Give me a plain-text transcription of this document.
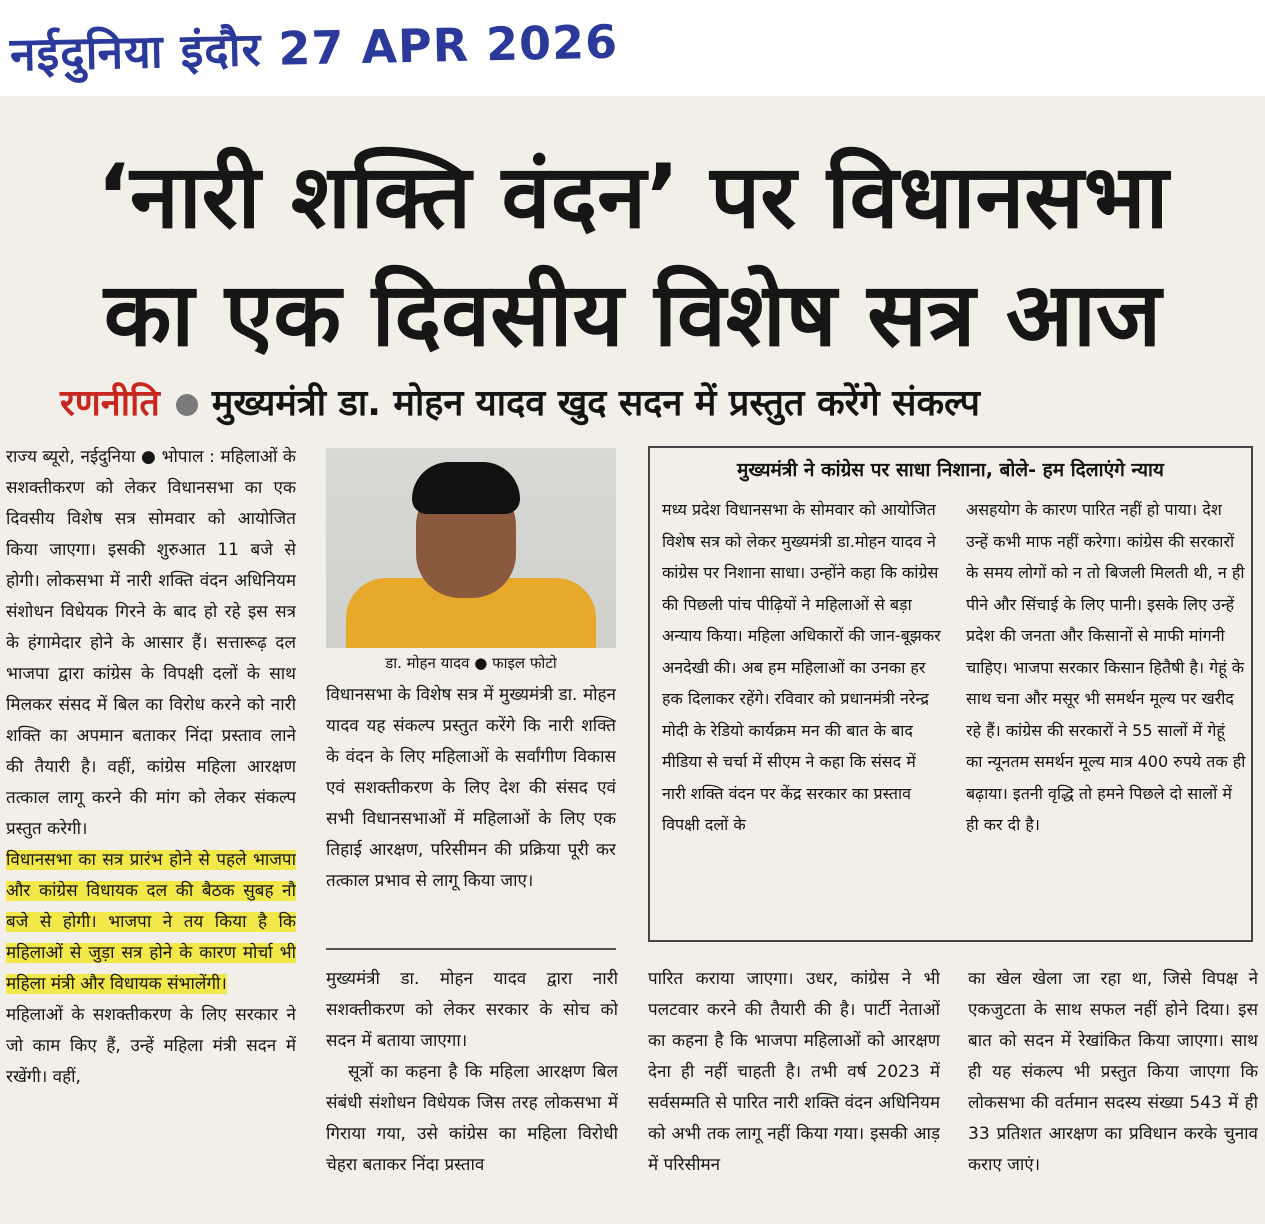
नईदुनिया इंदौर 27 APR 2026
‘नारी शक्ति वंदन’ पर विधानसभा
का एक दिवसीय विशेष सत्र आज
रणनीति मुख्यमंत्री डा. मोहन यादव खुद सदन में प्रस्तुत करेंगे संकल्प

राज्य ब्यूरो, नईदुनिया ● भोपाल : महिलाओं के सशक्तीकरण को लेकर विधानसभा का एक दिवसीय विशेष सत्र सोमवार को आयोजित किया जाएगा। इसकी शुरुआत 11 बजे से होगी। लोकसभा में नारी शक्ति वंदन अधिनियम संशोधन विधेयक गिरने के बाद हो रहे इस सत्र के हंगामेदार होने के आसार हैं। सत्तारूढ़ दल भाजपा द्वारा कांग्रेस के विपक्षी दलों के साथ मिलकर संसद में बिल का विरोध करने को नारी शक्ति का अपमान बताकर निंदा प्रस्ताव लाने की तैयारी है। वहीं, कांग्रेस महिला आरक्षण तत्काल लागू करने की मांग को लेकर संकल्प प्रस्तुत करेगी।

विधानसभा का सत्र प्रारंभ होने से पहले भाजपा और कांग्रेस विधायक दल की बैठक सुबह नौ बजे से होगी। भाजपा ने तय किया है कि महिलाओं से जुड़ा सत्र होने के कारण मोर्चा भी महिला मंत्री और विधायक संभालेंगी।

महिलाओं के सशक्तीकरण के लिए सरकार ने जो काम किए हैं, उन्हें महिला मंत्री सदन में रखेंगी। वहीं,

डा. मोहन यादव ● फाइल फोटो

विधानसभा के विशेष सत्र में मुख्यमंत्री डा. मोहन यादव यह संकल्प प्रस्तुत करेंगे कि नारी शक्ति के वंदन के लिए महिलाओं के सर्वांगीण विकास एवं सशक्तीकरण के लिए देश की संसद एवं सभी विधानसभाओं में महिलाओं के लिए एक तिहाई आरक्षण, परिसीमन की प्रक्रिया पूरी कर तत्काल प्रभाव से लागू किया जाए।

मुख्यमंत्री ने कांग्रेस पर साधा निशाना, बोले- हम दिलाएंगे न्याय
मध्य प्रदेश विधानसभा के सोमवार को आयोजित विशेष सत्र को लेकर मुख्यमंत्री डा.मोहन यादव ने कांग्रेस पर निशाना साधा। उन्होंने कहा कि कांग्रेस की पिछली पांच पीढ़ियों ने महिलाओं से बड़ा अन्याय किया। महिला अधिकारों की जान-बूझकर अनदेखी की। अब हम महिलाओं का उनका हर हक दिलाकर रहेंगे। रविवार को प्रधानमंत्री नरेन्द्र मोदी के रेडियो कार्यक्रम मन की बात के बाद मीडिया से चर्चा में सीएम ने कहा कि संसद में नारी शक्ति वंदन पर केंद्र सरकार का प्रस्ताव विपक्षी दलों के
असहयोग के कारण पारित नहीं हो पाया। देश उन्हें कभी माफ नहीं करेगा। कांग्रेस की सरकारों के समय लोगों को न तो बिजली मिलती थी, न ही पीने और सिंचाई के लिए पानी। इसके लिए उन्हें प्रदेश की जनता और किसानों से माफी मांगनी चाहिए। भाजपा सरकार किसान हितैषी है। गेहूं के साथ चना और मसूर भी समर्थन मूल्य पर खरीद रहे हैं। कांग्रेस की सरकारों ने 55 सालों में गेहूं का न्यूनतम समर्थन मूल्य मात्र 400 रुपये तक ही बढ़ाया। इतनी वृद्धि तो हमने पिछले दो सालों में ही कर दी है।

मुख्यमंत्री डा. मोहन यादव द्वारा नारी सशक्तीकरण को लेकर सरकार के सोच को सदन में बताया जाएगा।

सूत्रों का कहना है कि महिला आरक्षण बिल संबंधी संशोधन विधेयक जिस तरह लोकसभा में गिराया गया, उसे कांग्रेस का महिला विरोधी चेहरा बताकर निंदा प्रस्ताव

पारित कराया जाएगा। उधर, कांग्रेस ने भी पलटवार करने की तैयारी की है। पार्टी नेताओं का कहना है कि भाजपा महिलाओं को आरक्षण देना ही नहीं चाहती है। तभी वर्ष 2023 में सर्वसम्मति से पारित नारी शक्ति वंदन अधिनियम को अभी तक लागू नहीं किया गया। इसकी आड़ में परिसीमन

का खेल खेला जा रहा था, जिसे विपक्ष ने एकजुटता के साथ सफल नहीं होने दिया। इस बात को सदन में रेखांकित किया जाएगा। साथ ही यह संकल्प भी प्रस्तुत किया जाएगा कि लोकसभा की वर्तमान सदस्य संख्या 543 में ही 33 प्रतिशत आरक्षण का प्रविधान करके चुनाव कराए जाएं।
